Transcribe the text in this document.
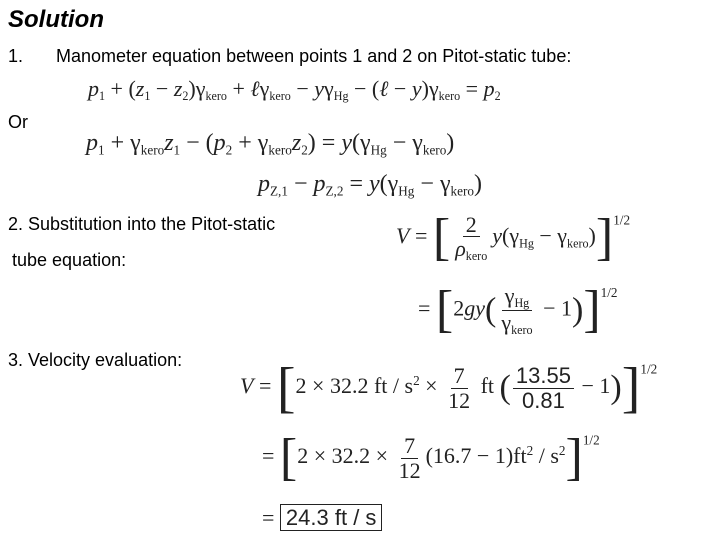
Solution
1. Manometer equation between points 1 and 2 on Pitot-static tube:
$p_1 + (z_1 - z_2)\gamma_{kero}$ + ℓγ$_{kero}$ − $y\gamma_{Hg}$ − (ℓ − $y)\gamma_{kero} = p_2$
Or
$p_1 + \gamma_{kero}z_1 - (p_2 + \gamma_{kero}z_2) = y(\gamma_{Hg} - \gamma_{kero})$
$p_{Z,1} - p_{Z,2} = y(\gamma_{Hg} - \gamma_{kero})$
2. Substitution into the Pitot-static
tube equation:
V = [ $\frac{2}{\rho_{kero}} y(\gamma_{Hg} - \gamma_{kero})]^{1/2}$
= $[2gy( \frac{\gamma_{Hg}}{\gamma_{kero}} - 1)]^{1/2}$
3. Velocity evaluation:
V = [2 × 32.2 ft / $s^2 \times \frac{7}{12}$ ft ( $\frac{13.55}{0.81} - 1)]^{1/2}$
= $[2 \times 32.2 \times \frac{7}{12} (16.7 - 1)ft^2 / s^2]^{1/2}$
= 24.3 ft / s
